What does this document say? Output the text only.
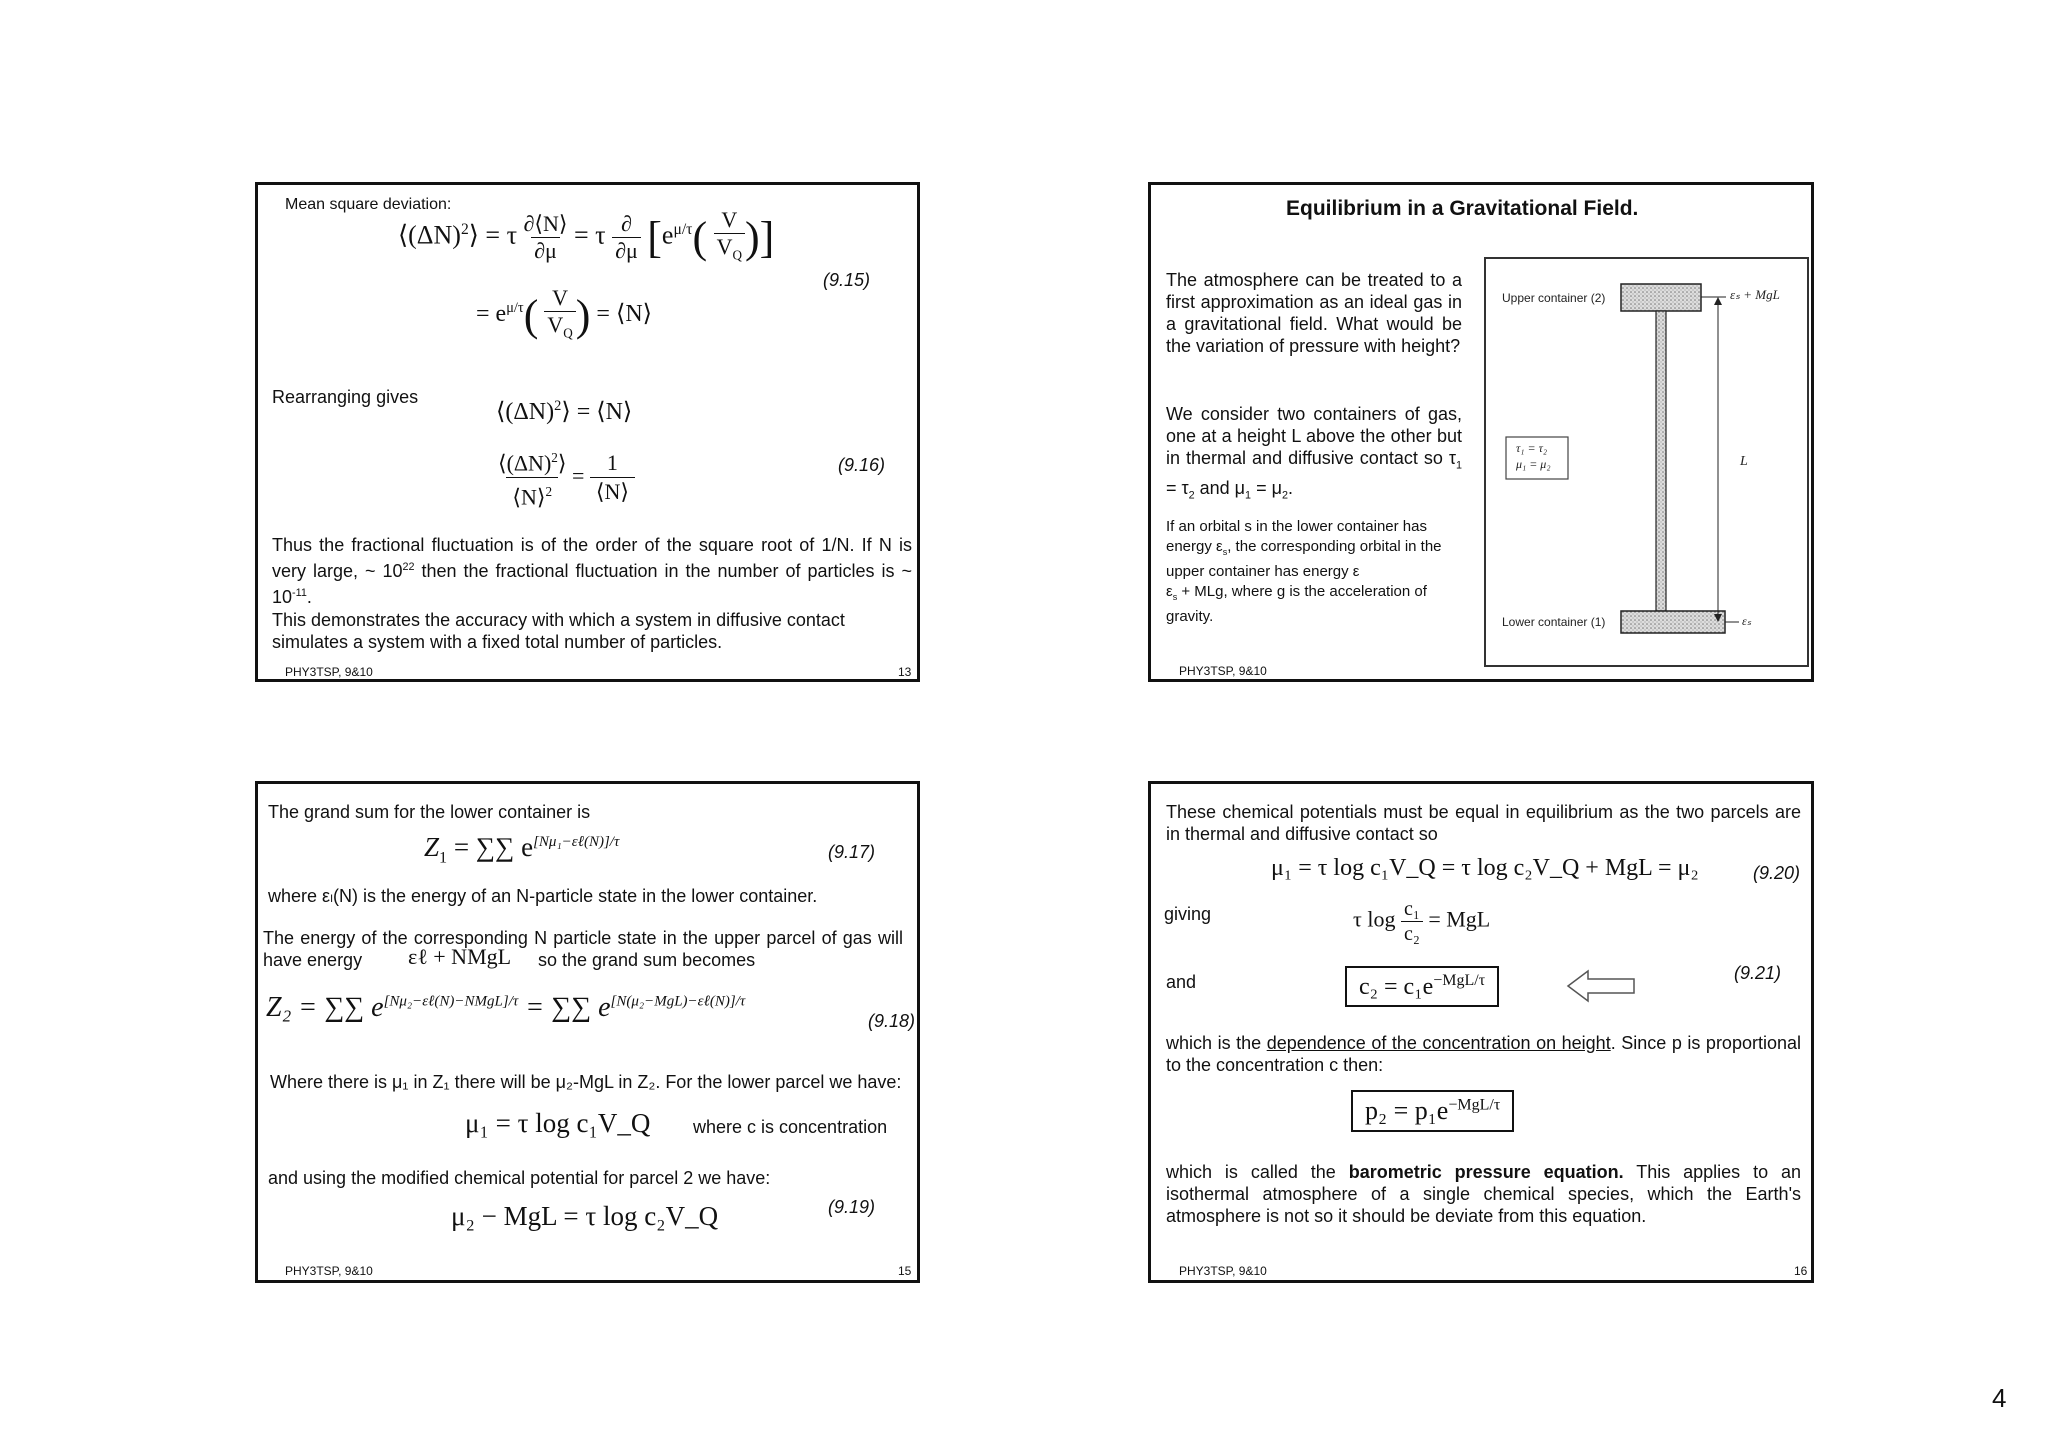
Mean square deviation:
$⟨(\Delta N)^2⟩ = \tau$ ∂⟨N⟩
∂μ = τ ∂
∂μ [$e^{\mu/\tau}$( V
$V_Q$)]
(9.15)
= $e^{\mu/\tau}$( V
$V_Q$) = ⟨N⟩
Rearranging gives
$⟨(\Delta N)^2⟩$ = ⟨N⟩
$⟨(\Delta N)^2⟩$
⟨N⟩$^2$ = 1
⟨N⟩
(9.16)
Thus the fractional fluctuation is of the order of the square root of 1/N. If N is very large, ~ $10^{22}$ then the fractional fluctuation in the number of particles is ~ $10^{-11}$.
This demonstrates the accuracy with which a system in diffusive contact simulates a system with a fixed total number of particles.
PHY3TSP, 9&10	13
Equilibrium in a Gravitational Field.
The atmosphere can be treated to a first approximation as an ideal gas in a gravitational field. What would be the variation of pressure with height?
We consider two containers of gas, one at a height L above the other but in thermal and diffusive contact so $\tau_1 = \tau_2$ and $\mu_1 = \mu_2$.
If an orbital s in the lower container has energy $\varepsilon_s$, the corresponding orbital in the upper container has energy ε
$\varepsilon_s$ + MLg, where g is the acceleration of gravity.
Upper container (2)
Lower container (1)
εₛ + MgL
εₛ
L
τ₁ = τ₂
μ₁ = μ₂
PHY3TSP, 9&10
The grand sum for the lower container is
$Z_1$ = ∑∑ $e^{[N\mu_1-\varepsilon\ell(N)]/\tau}$	(9.17)
where εₗ(N) is the energy of an N-particle state in the lower container.
The energy of the corresponding N particle state in the upper parcel of gas will have energy	so the grand sum becomes
εℓ + NMgL
Z₂ = ∑∑ $e^{[N\mu_2-\varepsilon\ell(N)-NMgL]/\tau}$ = ∑∑ $e^{[N(\mu_2-MgL)-\varepsilon\ell(N)]/\tau}$
(9.18)
Where there is μ₁ in Z₁ there will be μ₂-MgL in Z₂. For the lower parcel we have:
μ₁ = τ log c₁V_Q where c is concentration
and using the modified chemical potential for parcel 2 we have:
μ₂ − MgL = τ log c₂V_Q	(9.19)
PHY3TSP, 9&10	15
These chemical potentials must be equal in equilibrium as the two parcels are in thermal and diffusive contact so
μ₁ = τ log c₁V_Q = τ log c₂V_Q + MgL = μ₂	(9.20)
giving	τ $\log \frac{\text{c₁}}{\text{c₂}}$ = MgL
and	$c_2 = c_1e^{-MgL/\tau}$	(9.21)
which is the dependence of the concentration on height. Since p is proportional to the concentration c then:
$p_2 = p_1e^{-MgL/\tau}$
which is called the barometric pressure equation. This applies to an isothermal atmosphere of a single chemical species, which the Earth's atmosphere is not so it should be deviate from this equation.
PHY3TSP, 9&10	16
4
